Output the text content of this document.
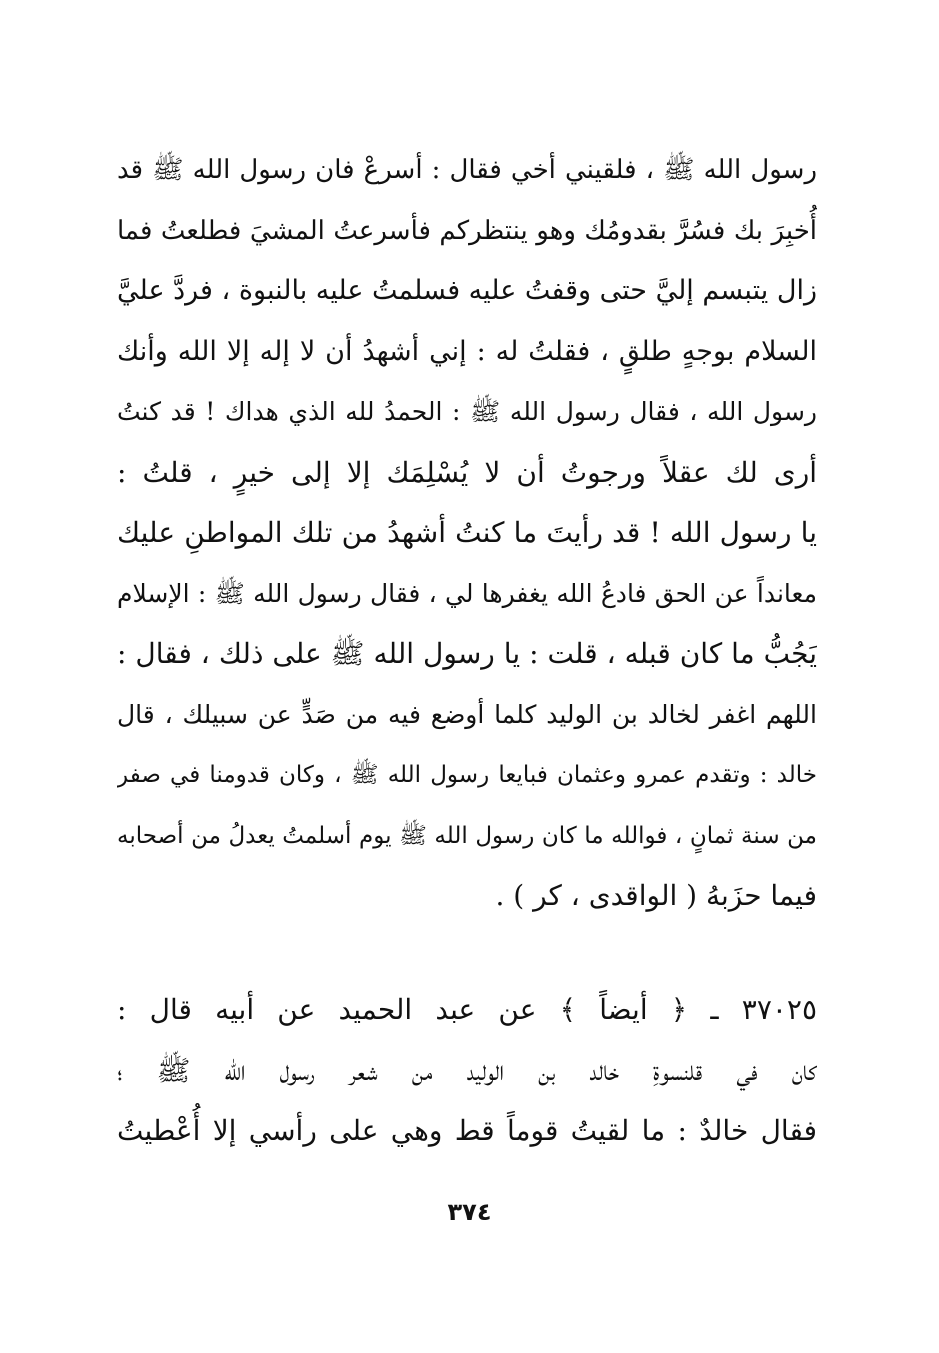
رسول الله ﷺ ، فلقيني أخي فقال : أسرعْ فان رسول الله ﷺ قد
أُخبِرَ بك فسُرَّ بقدومُك وهو ينتظركم فأسرعتُ المشيَ فطلعتُ فما
زال يتبسم إليَّ حتى وقفتُ عليه فسلمتُ عليه بالنبوة ، فردَّ عليَّ
السلام بوجهٍ طلقٍ ، فقلتُ له : إني أشهدُ أن لا إله إلا الله وأنك
رسول الله ، فقال رسول الله ﷺ : الحمدُ لله الذي هداك ! قد كنتُ
أرى لك عقلاً ورجوتُ أن لا يُسْلِمَك إلا إلى خيرٍ ، قلتُ :
يا رسول الله ! قد رأيتَ ما كنتُ أشهدُ من تلك المواطنِ عليك
معانداً عن الحق فادعُ الله يغفرها لي ، فقال رسول الله ﷺ : الإسلام
يَجُبُّ ما كان قبله ، قلت : يا رسول الله ﷺ على ذلك ، فقال :
اللهم اغفر لخالد بن الوليد كلما أوضع فيه من صَدٍّ عن سبيلك ، قال
خالد : وتقدم عمرو وعثمان فبايعا رسول الله ﷺ ، وكان قدومنا في صفر
من سنة ثمانٍ ، فوالله ما كان رسول الله ﷺ يوم أسلمتُ يعدلُ من أصحابه
فيما حزَبهُ ( الواقدى ، كر ) .
٣٧٠٢٥ ـ ﴿ أيضاً ﴾ عن عبد الحميد عن أبيه قال :
كان في قلنسوةِ خالد بن الوليد من شعر رسول الله ﷺ ؛
فقال خالدٌ : ما لقيتُ قوماً قط وهي على رأسي إلا أُعْطيتُ
٣٧٤
